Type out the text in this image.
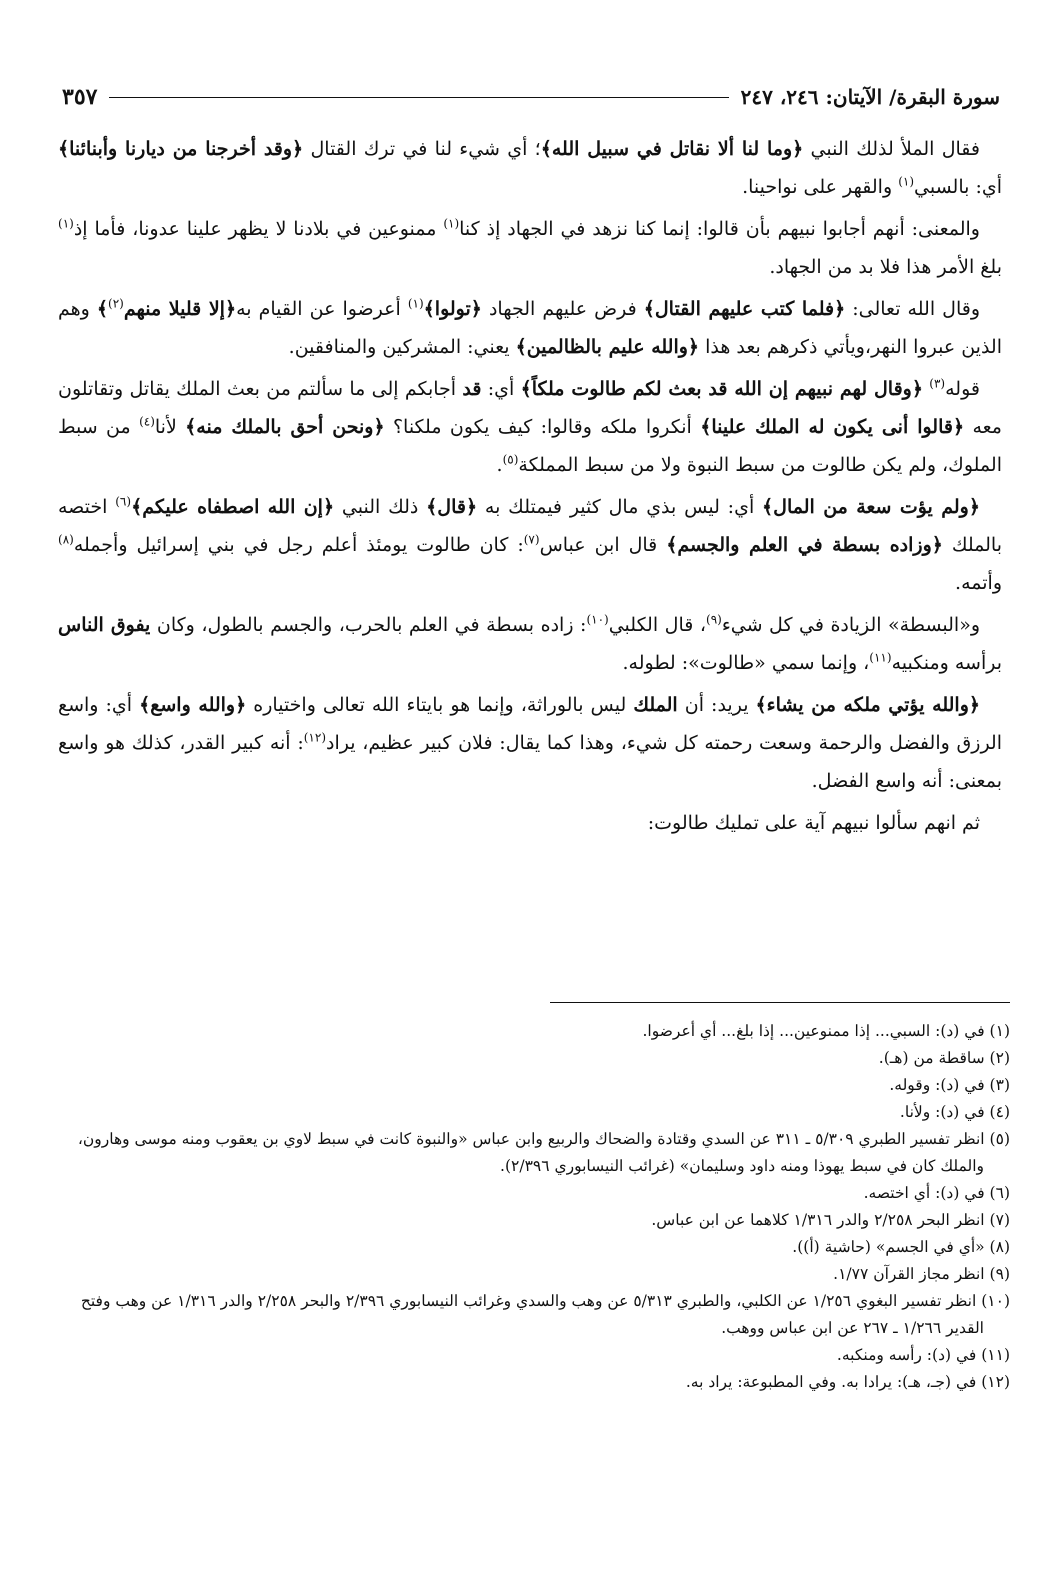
سورة البقرة/ الآيتان: ٢٤٦، ٢٤٧
٣٥٧

فقال الملأ لذلك النبي ﴿وما لنا ألا نقاتل في سبيل الله﴾؛ أي شيء لنا في ترك القتال ﴿وقد أخرجنا من ديارنا وأبنائنا﴾ أي: بالسبي$^{(١)}$ والقهر على نواحينا.

والمعنى: أنهم أجابوا نبيهم بأن قالوا: إنما كنا نزهد في الجهاد إذ كنا$^{(١)}$ ممنوعين في بلادنا لا يظهر علينا عدونا، فأما إذ$^{(١)}$ بلغ الأمر هذا فلا بد من الجهاد.

وقال الله تعالى: ﴿فلما كتب عليهم القتال﴾ فرض عليهم الجهاد ﴿تولوا﴾$^{(١)}$ أعرضوا عن القيام به﴿إلا قليلا منهم$^{(٢)}$﴾ وهم الذين عبروا النهر،ويأتي ذكرهم بعد هذا ﴿والله عليم بالظالمين﴾ يعني: المشركين والمنافقين.

قوله$^{(٣)}$ ﴿وقال لهم نبيهم إن الله قد بعث لكم طالوت ملكاً﴾ أي: قد أجابكم إلى ما سألتم من بعث الملك يقاتل وتقاتلون معه ﴿قالوا أنى يكون له الملك علينا﴾ أنكروا ملكه وقالوا: كيف يكون ملكنا؟ ﴿ونحن أحق بالملك منه﴾ لأنا$^{(٤)}$ من سبط الملوك، ولم يكن طالوت من سبط النبوة ولا من سبط المملكة$^{(٥)}$.

﴿ولم يؤت سعة من المال﴾ أي: ليس بذي مال كثير فيمتلك به ﴿قال﴾ ذلك النبي ﴿إن الله اصطفاه عليكم﴾$^{(٦)}$ اختصه بالملك ﴿وزاده بسطة في العلم والجسم﴾ قال ابن عباس$^{(٧)}$: كان طالوت يومئذ أعلم رجل في بني إسرائيل وأجمله$^{(٨)}$ وأتمه.

و«البسطة» الزيادة في كل شيء$^{(٩)}$، قال الكلبي$^{(١٠)}$: زاده بسطة في العلم بالحرب، والجسم بالطول، وكان يفوق الناس برأسه ومنكبيه$^{(١١)}$، وإنما سمي «طالوت»: لطوله.

﴿والله يؤتي ملكه من يشاء﴾ يريد: أن الملك ليس بالوراثة، وإنما هو بايتاء الله تعالى واختياره ﴿والله واسع﴾ أي: واسع الرزق والفضل والرحمة وسعت رحمته كل شيء، وهذا كما يقال: فلان كبير عظيم، يراد$^{(١٢)}$: أنه كبير القدر، كذلك هو واسع بمعنى: أنه واسع الفضل.

ثم انهم سألوا نبيهم آية على تمليك طالوت:

(١) في (د): السبي... إذا ممنوعين... إذا بلغ... أي أعرضوا.

(٢) ساقطة من (هـ).

(٣) في (د): وقوله.

(٤) في (د): ولأنا.

(٥) انظر تفسير الطبري ٥/٣٠٩ ـ ٣١١ عن السدي وقتادة والضحاك والربيع وابن عباس «والنبوة كانت في سبط لاوي بن يعقوب ومنه موسى وهارون، والملك كان في سبط يهوذا ومنه داود وسليمان» (غرائب النيسابوري ٢/٣٩٦).

(٦) في (د): أي اختصه.

(٧) انظر البحر ٢/٢٥٨ والدر ١/٣١٦ كلاهما عن ابن عباس.

(٨) «أي في الجسم» (حاشية (أ)).

(٩) انظر مجاز القرآن ١/٧٧.

(١٠) انظر تفسير البغوي ١/٢٥٦ عن الكلبي، والطبري ٥/٣١٣ عن وهب والسدي وغرائب النيسابوري ٢/٣٩٦ والبحر ٢/٢٥٨ والدر ١/٣١٦ عن وهب وفتح القدير ١/٢٦٦ ـ ٢٦٧ عن ابن عباس ووهب.

(١١) في (د): رأسه ومنكبه.

(١٢) في (جـ، هـ): يرادا به. وفي المطبوعة: يراد به.
